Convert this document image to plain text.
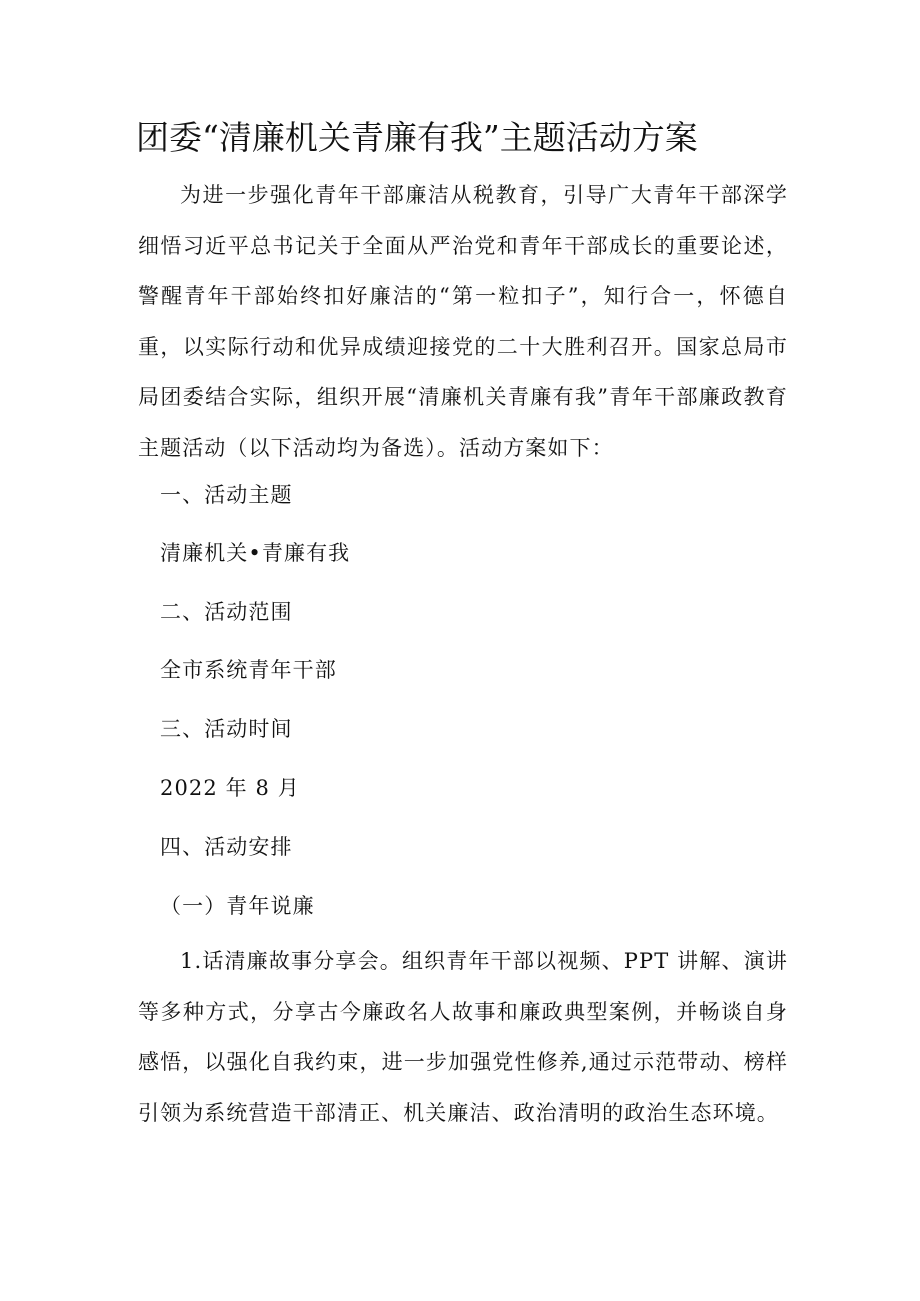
团委“清廉机关青廉有我”主题活动方案

为进一步强化青年干部廉洁从税教育，引导广大青年干部深学细悟习近平总书记关于全面从严治党和青年干部成长的重要论述，警醒青年干部始终扣好廉洁的“第一粒扣子”，知行合一，怀德自重，以实际行动和优异成绩迎接党的二十大胜利召开。国家总局市局团委结合实际，组织开展“清廉机关青廉有我”青年干部廉政教育主题活动（以下活动均为备选）。活动方案如下：

一、活动主题

清廉机关•青廉有我

二、活动范围

全市系统青年干部

三、活动时间

2022 年 8 月

四、活动安排

（一）青年说廉

1.话清廉故事分享会。组织青年干部以视频、PPT 讲解、演讲等多种方式，分享古今廉政名人故事和廉政典型案例，并畅谈自身感悟，以强化自我约束，进一步加强党性修养,通过示范带动、榜样引领为系统营造干部清正、机关廉洁、政治清明的政治生态环境。
